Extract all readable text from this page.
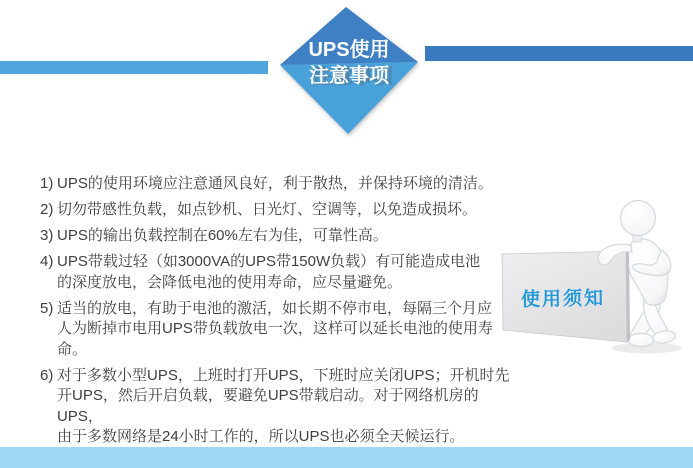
UPS使用
注意事项
1) UPS的使用环境应注意通风良好，利于散热，并保持环境的清洁。
2) 切勿带感性负载，如点钞机、日光灯、空调等，以免造成损坏。
3) UPS的输出负载控制在60%左右为佳，可靠性高。
4) UPS带载过轻（如3000VA的UPS带150W负载）有可能造成电池
的深度放电，会降低电池的使用寿命，应尽量避免。
5) 适当的放电，有助于电池的激活，如长期不停市电，每隔三个月应
人为断掉市电用UPS带负载放电一次，这样可以延长电池的使用寿命。
6) 对于多数小型UPS，上班时打开UPS，下班时应关闭UPS；开机时先
开UPS，然后开启负载，要避免UPS带载启动。对于网络机房的UPS，
由于多数网络是24小时工作的，所以UPS也必须全天候运行。
使用须知
